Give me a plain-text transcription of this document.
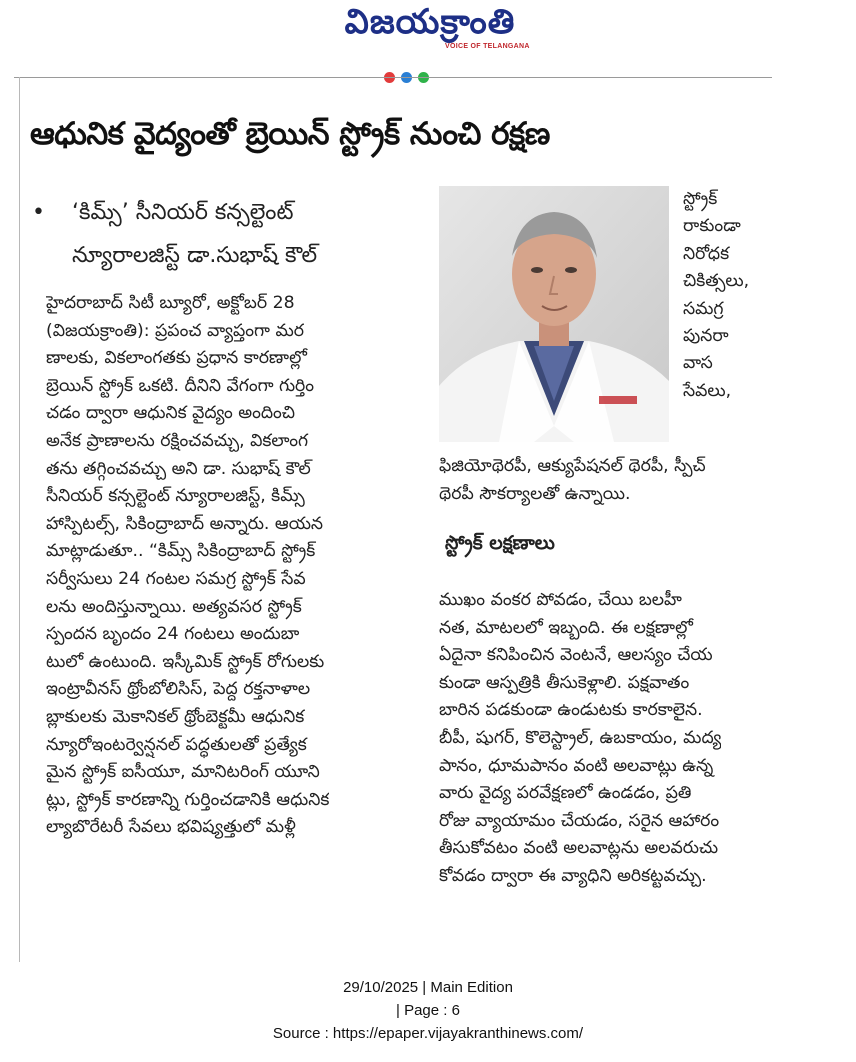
విజయక్రాంతి
VOICE OF TELANGANA
ఆధునిక వైద్యంతో బ్రెయిన్ స్ట్రోక్ నుంచి రక్షణ
• ‘కిమ్స్’ సీనియర్ కన్సల్టెంట్
న్యూరాలజిస్ట్ డా.సుభాష్ కౌల్
హైదరాబాద్ సిటీ బ్యూరో, అక్టోబర్ 28
(విజయక్రాంతి): ప్రపంచ వ్యాప్తంగా మర
ణాలకు, వికలాంగతకు ప్రధాన కారణాల్లో
బ్రెయిన్ స్ట్రోక్ ఒకటి. దీనిని వేగంగా గుర్తిం
చడం ద్వారా ఆధునిక వైద్యం అందించి
అనేక ప్రాణాలను రక్షించవచ్చు, వికలాంగ
తను తగ్గించవచ్చు అని డా. సుభాష్ కౌల్
సీనియర్ కన్సల్టెంట్ న్యూరాలజిస్ట్, కిమ్స్
హాస్పిటల్స్, సికింద్రాబాద్ అన్నారు. ఆయన
మాట్లాడుతూ.. “కిమ్స్ సికింద్రాబాద్ స్ట్రోక్
సర్వీసులు 24 గంటల సమగ్ర స్ట్రోక్ సేవ
లను అందిస్తున్నాయి. అత్యవసర స్ట్రోక్
స్పందన బృందం 24 గంటలు అందుబా
టులో ఉంటుంది. ఇస్కీమిక్ స్ట్రోక్ రోగులకు
ఇంట్రావీనస్ థ్రోంబోలిసిస్, పెద్ద రక్తనాళాల
బ్లాకులకు మెకానికల్ థ్రోంబెక్టమీ ఆధునిక
న్యూరోఇంటర్వెన్షనల్ పద్ధతులతో ప్రత్యేక
మైన స్ట్రోక్ ఐసీయూ, మానిటరింగ్ యూని
ట్లు, స్ట్రోక్ కారణాన్ని గుర్తించడానికి ఆధునిక
ల్యాబొరేటరీ సేవలు భవిష్యత్తులో మళ్లీ
స్ట్రోక్
రాకుండా
నిరోధక
చికిత్సలు,
సమగ్ర
పునరా
వాస
సేవలు,
ఫిజియోథెరపీ, ఆక్యుపేషనల్ థెరపీ, స్పీచ్
థెరపీ సౌకర్యాలతో ఉన్నాయి.
స్ట్రోక్ లక్షణాలు
ముఖం వంకర పోవడం, చేయి బలహీ
నత, మాటలలో ఇబ్బంది. ఈ లక్షణాల్లో
ఏదైనా కనిపించిన వెంటనే, ఆలస్యం చేయ
కుండా ఆస్పత్రికి తీసుకెళ్లాలి. పక్షవాతం
బారిన పడకుండా ఉండుటకు కారకాలైన.
బీపీ, షుగర్, కొలెస్ట్రాల్, ఉబకాయం, మద్య
పానం, ధూమపానం వంటి అలవాట్లు ఉన్న
వారు వైద్య పరవేక్షణలో ఉండడం, ప్రతి
రోజు వ్యాయామం చేయడం, సరైన ఆహారం
తీసుకోవటం వంటి అలవాట్లను అలవరుచు
కోవడం ద్వారా ఈ వ్యాధిని అరికట్టవచ్చు.
29/10/2025 | Main Edition
| Page : 6
Source : https://epaper.vijayakranthinews.com/
